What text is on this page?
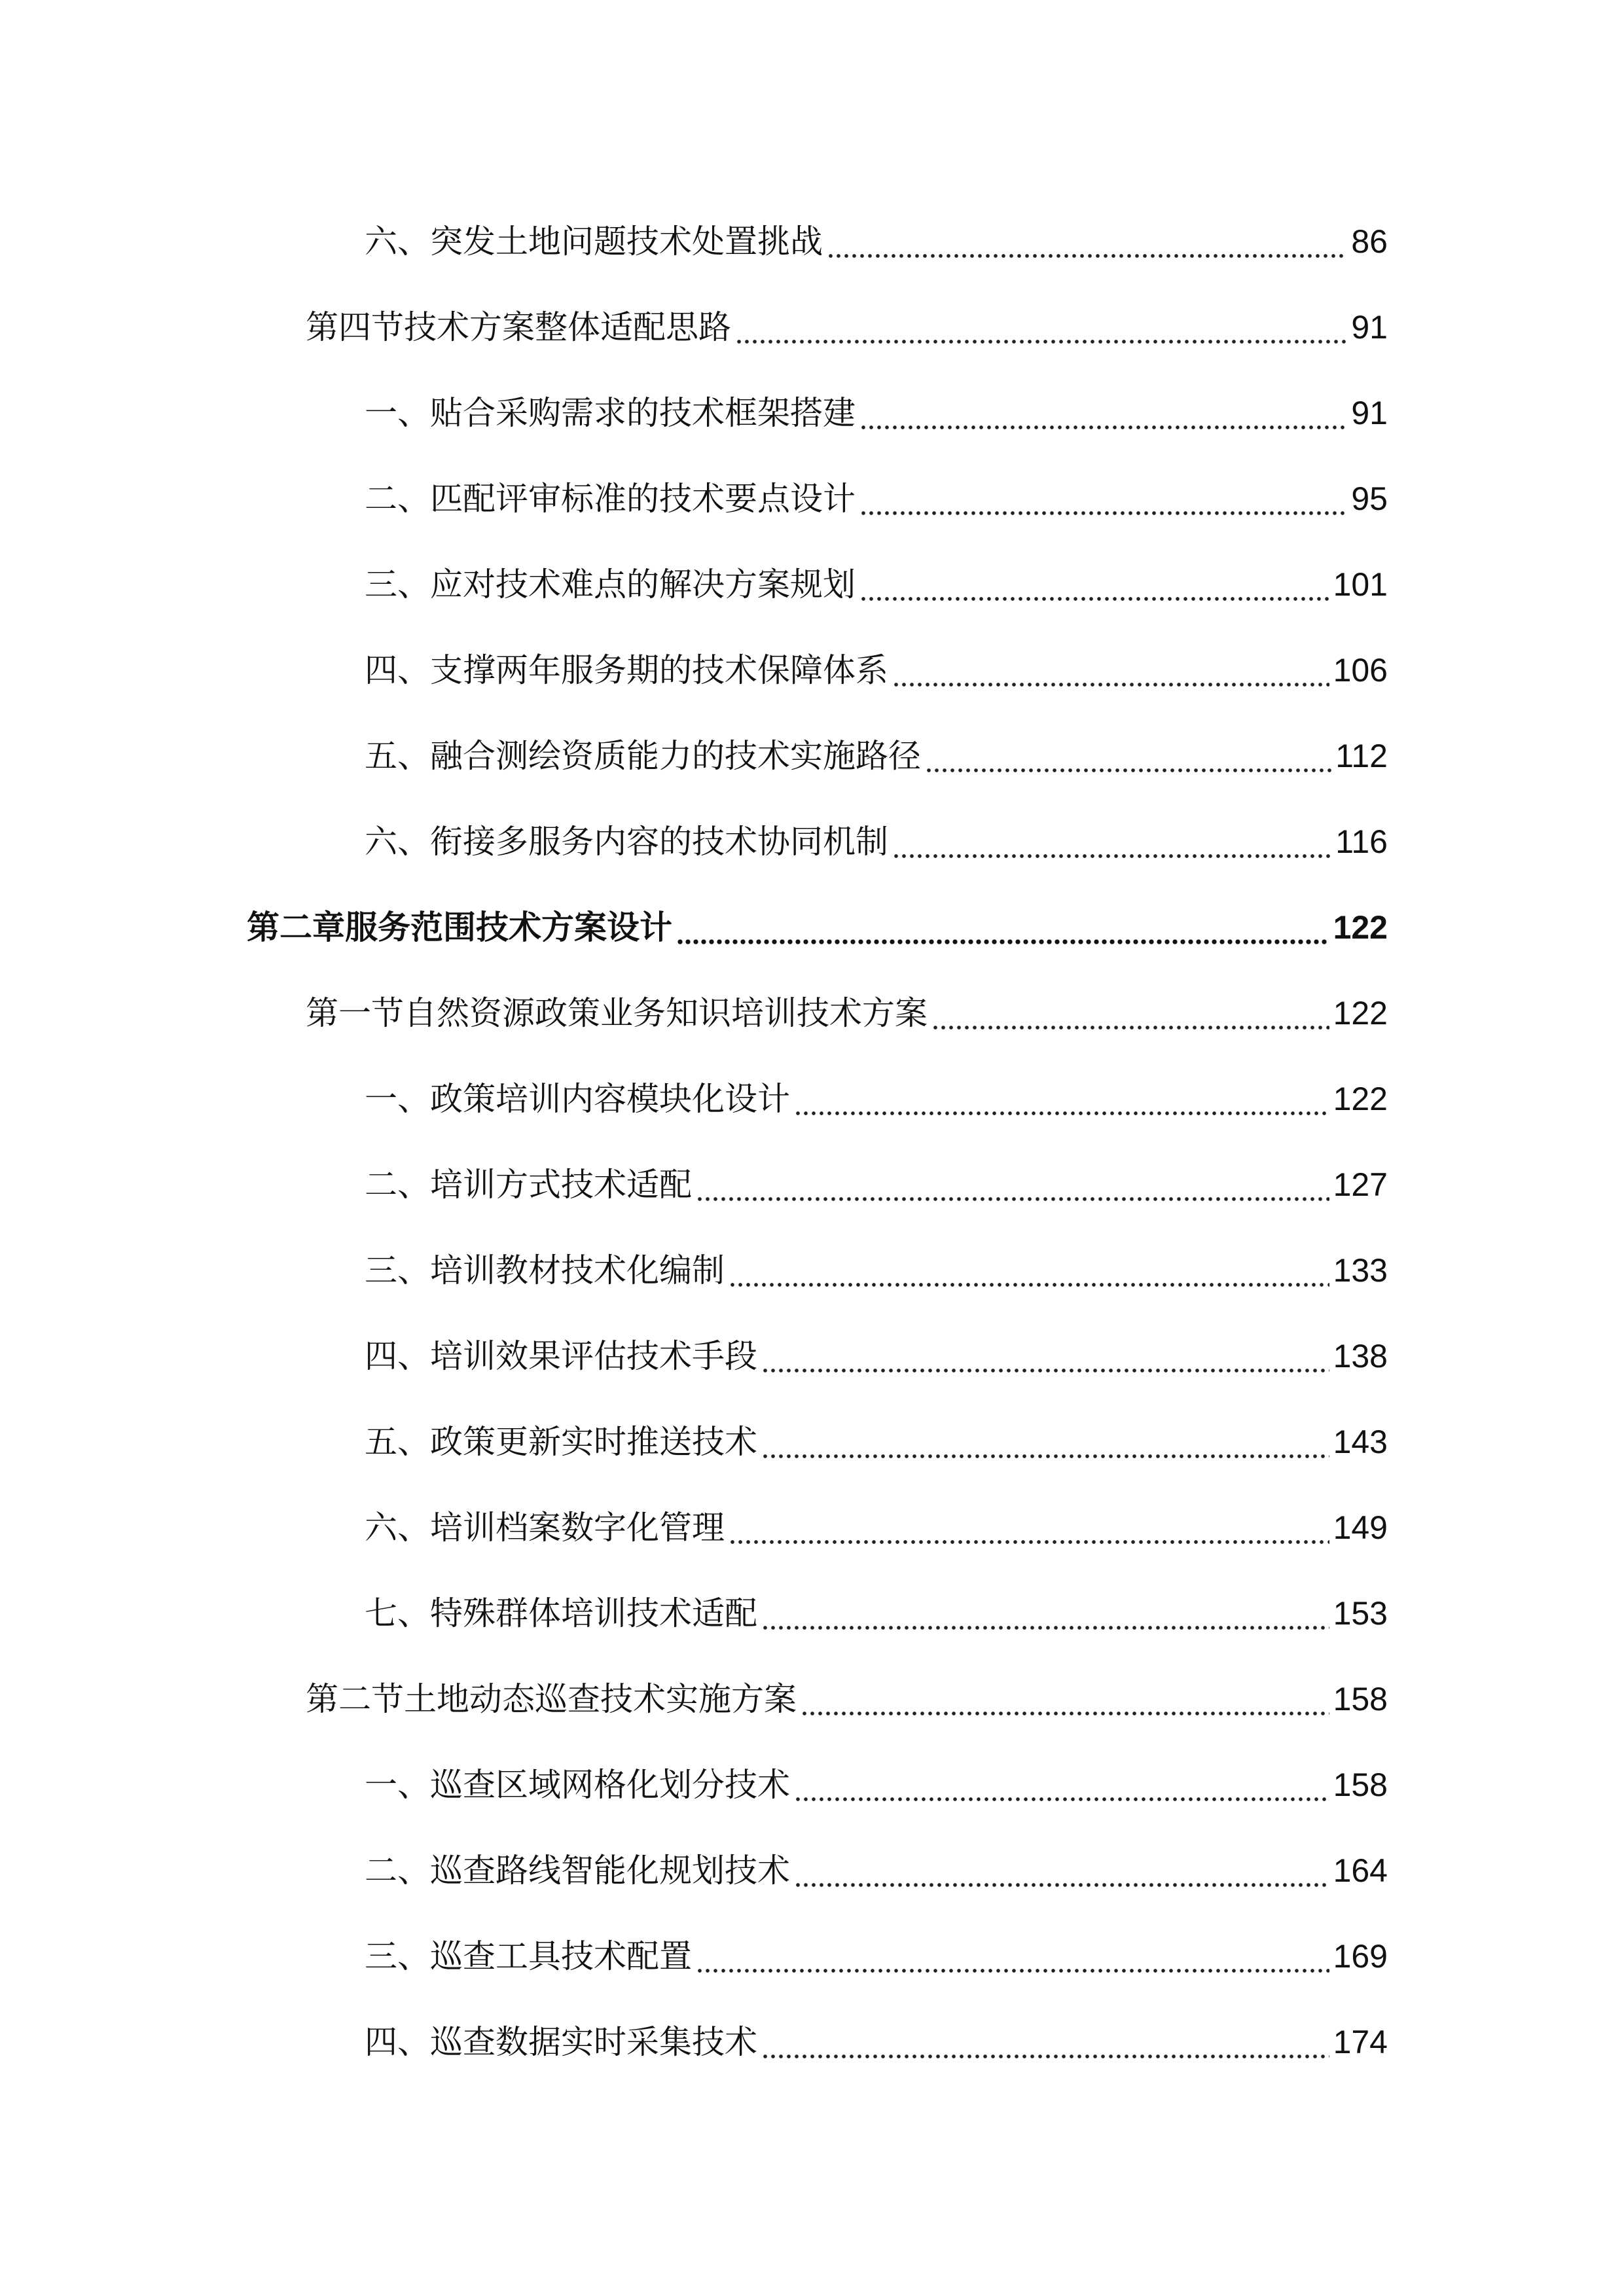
六、突发土地问题技术处置挑战	86
第四节技术方案整体适配思路	91
一、贴合采购需求的技术框架搭建	91
二、匹配评审标准的技术要点设计	95
三、应对技术难点的解决方案规划	101
四、支撑两年服务期的技术保障体系	106
五、融合测绘资质能力的技术实施路径	112
六、衔接多服务内容的技术协同机制	116
第二章服务范围技术方案设计	122
第一节自然资源政策业务知识培训技术方案	122
一、政策培训内容模块化设计	122
二、培训方式技术适配	127
三、培训教材技术化编制	133
四、培训效果评估技术手段	138
五、政策更新实时推送技术	143
六、培训档案数字化管理	149
七、特殊群体培训技术适配	153
第二节土地动态巡查技术实施方案	158
一、巡查区域网格化划分技术	158
二、巡查路线智能化规划技术	164
三、巡查工具技术配置	169
四、巡查数据实时采集技术	174
